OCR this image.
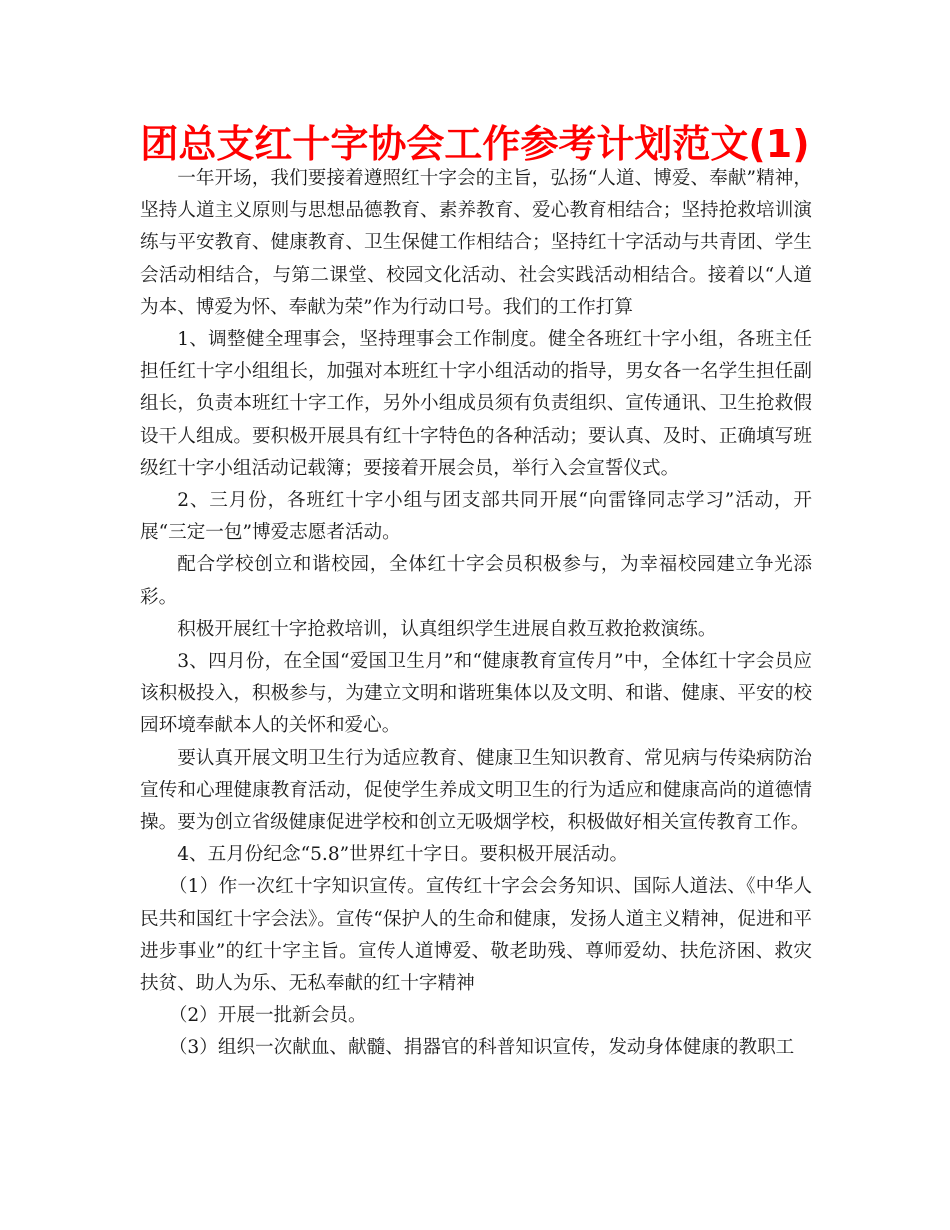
团总支红十字协会工作参考计划范文(1)

一年开场，我们要接着遵照红十字会的主旨，弘扬“人道、博爱、奉献”精神，坚持人道主义原则与思想品德教育、素养教育、爱心教育相结合；坚持抢救培训演练与平安教育、健康教育、卫生保健工作相结合；坚持红十字活动与共青团、学生会活动相结合，与第二课堂、校园文化活动、社会实践活动相结合。接着以“人道为本、博爱为怀、奉献为荣”作为行动口号。我们的工作打算

1、调整健全理事会，坚持理事会工作制度。健全各班红十字小组，各班主任担任红十字小组组长，加强对本班红十字小组活动的指导，男女各一名学生担任副组长，负责本班红十字工作，另外小组成员须有负责组织、宣传通讯、卫生抢救假设干人组成。要积极开展具有红十字特色的各种活动；要认真、及时、正确填写班级红十字小组活动记载簿；要接着开展会员，举行入会宣誓仪式。

2、三月份，各班红十字小组与团支部共同开展“向雷锋同志学习”活动，开展“三定一包”博爱志愿者活动。

配合学校创立和谐校园，全体红十字会员积极参与，为幸福校园建立争光添彩。

积极开展红十字抢救培训，认真组织学生进展自救互救抢救演练。

3、四月份，在全国“爱国卫生月”和“健康教育宣传月”中，全体红十字会员应该积极投入，积极参与，为建立文明和谐班集体以及文明、和谐、健康、平安的校园环境奉献本人的关怀和爱心。

要认真开展文明卫生行为适应教育、健康卫生知识教育、常见病与传染病防治宣传和心理健康教育活动，促使学生养成文明卫生的行为适应和健康高尚的道德情操。要为创立省级健康促进学校和创立无吸烟学校，积极做好相关宣传教育工作。

4、五月份纪念“5.8”世界红十字日。要积极开展活动。

（1）作一次红十字知识宣传。宣传红十字会会务知识、国际人道法、《中华人民共和国红十字会法》。宣传“保护人的生命和健康，发扬人道主义精神，促进和平进步事业”的红十字主旨。宣传人道博爱、敬老助残、尊师爱幼、扶危济困、救灾扶贫、助人为乐、无私奉献的红十字精神

（2）开展一批新会员。

（3）组织一次献血、献髓、捐器官的科普知识宣传，发动身体健康的教职工
